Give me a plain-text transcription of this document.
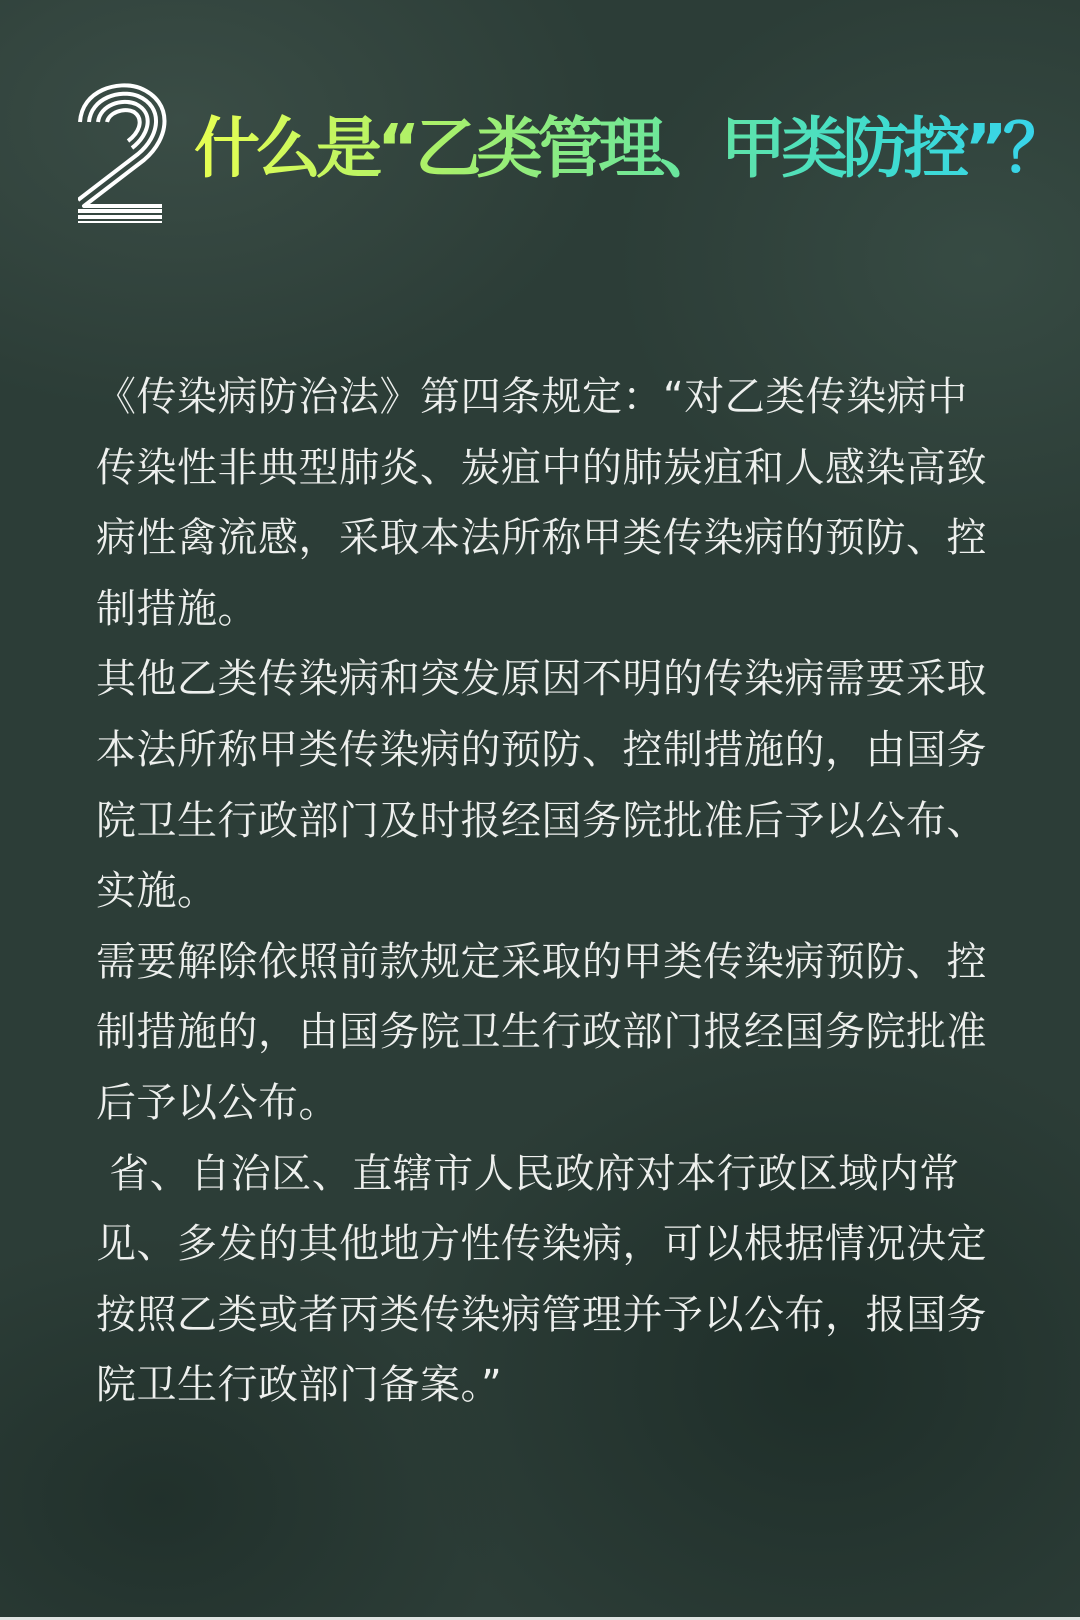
什么是“乙类管理、甲类防控”？

《传染病防治法》第四条规定：“对乙类传染病中传染性非典型肺炎、炭疽中的肺炭疽和人感染高致病性禽流感，采取本法所称甲类传染病的预防、控制措施。

其他乙类传染病和突发原因不明的传染病需要采取本法所称甲类传染病的预防、控制措施的，由国务院卫生行政部门及时报经国务院批准后予以公布、实施。

需要解除依照前款规定采取的甲类传染病预防、控制措施的，由国务院卫生行政部门报经国务院批准后予以公布。

省、自治区、直辖市人民政府对本行政区域内常见、多发的其他地方性传染病，可以根据情况决定按照乙类或者丙类传染病管理并予以公布，报国务院卫生行政部门备案。”
